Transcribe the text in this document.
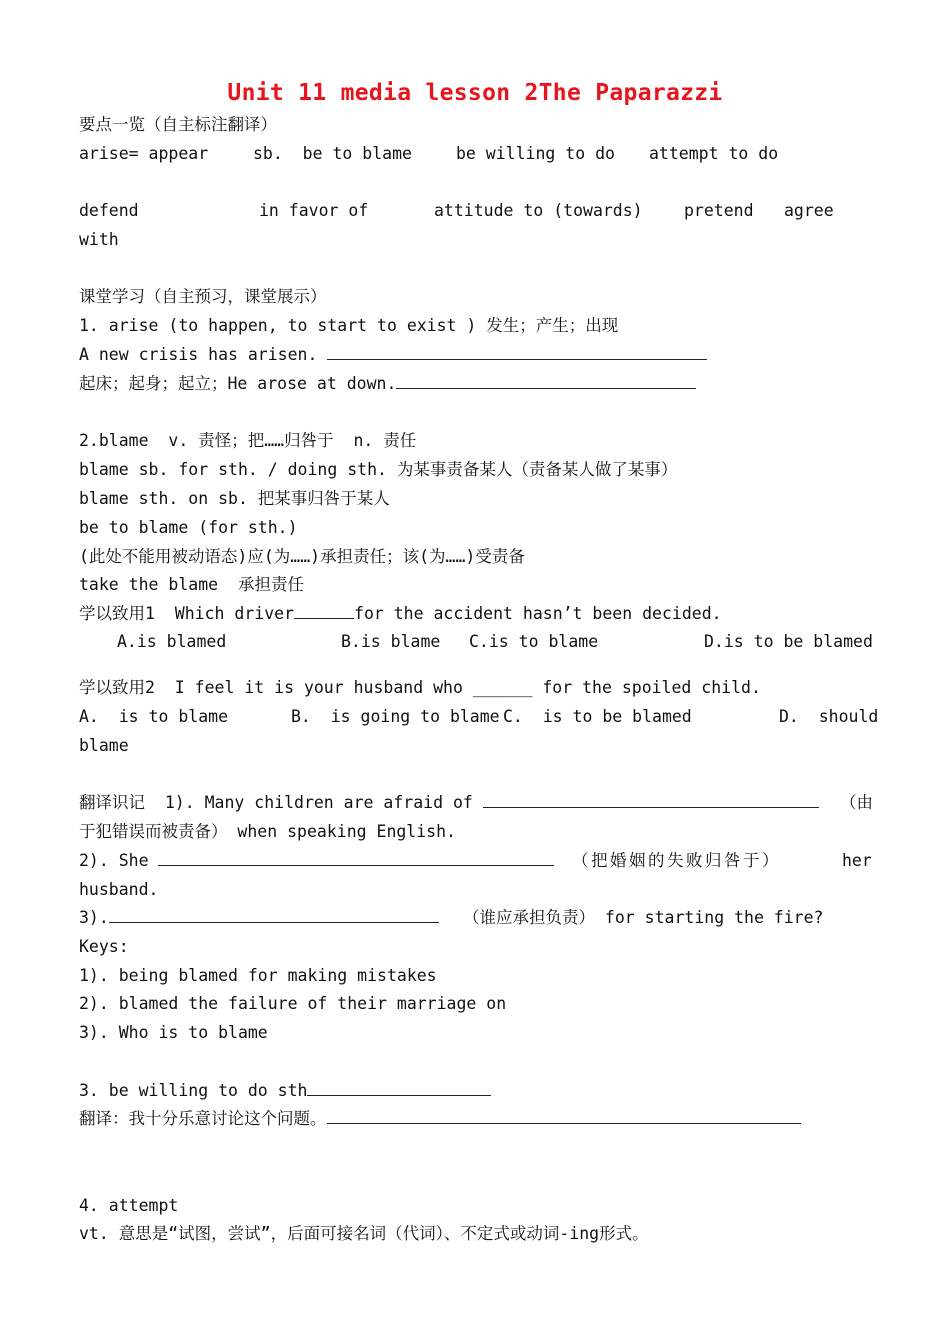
Unit 11 media lesson 2The Paparazzi
要点一览（自主标注翻译）
arise= appear	sb.  be to blame	be willing to do attempt to do
defend	in favor of	attitude to (towards)	pretend agree
with
课堂学习（自主预习，课堂展示）
1. arise (to happen, to start to exist ) 发生；产生；出现
A new crisis has arisen.
起床；起身；起立；He arose at down.
2.blame  v. 责怪；把……归咎于  n. 责任
blame sb. for sth. / doing sth. 为某事责备某人（责备某人做了某事）
blame sth. on sb. 把某事归咎于某人
be to blame (for sth.)
(此处不能用被动语态)应(为……)承担责任；该(为……)受责备
take the blame  承担责任
学以致用1  Which driver	for the accident hasn’t been decided.
A.is blamed	B.is blame C.is to blame	D.is to be blamed
学以致用2  I feel it is your husband who ______ for the spoiled child.
A.  is to blame	B.  is going to blame C.  is to be blamed	D.  should
blame
翻译识记  1). Many children are afraid of	（由
于犯错误而被责备） when speaking English.
2). She	（把婚姻的失败归咎于）	her
husband.
3).	（谁应承担负责） for starting the fire?
Keys:
1). being blamed for making mistakes
2). blamed the failure of their marriage on
3). Who is to blame
3. be willing to do sth
翻译：我十分乐意讨论这个问题。
4. attempt
vt. 意思是“试图，尝试”，后面可接名词（代词）、不定式或动词-ing形式。
